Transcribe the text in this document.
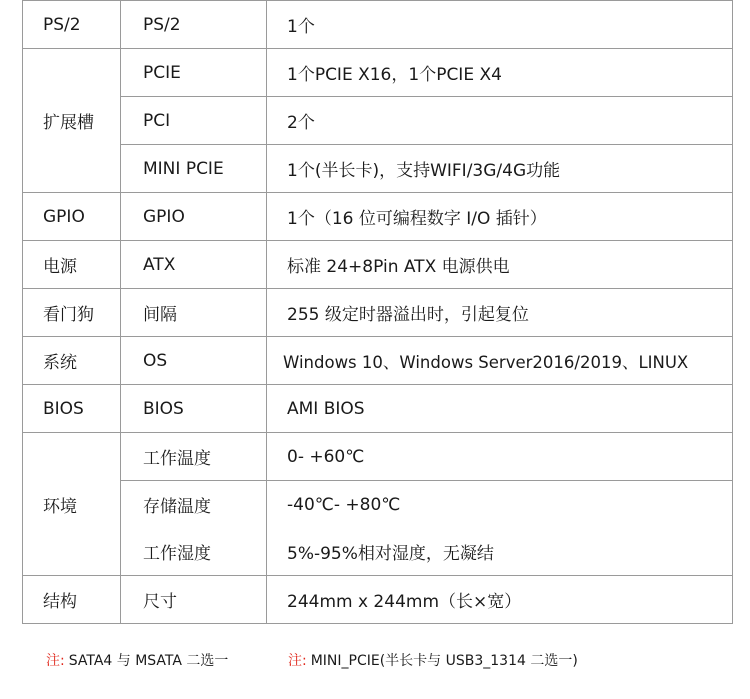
PS/2	PS/2	1个
扩展槽	PCIE	1个PCIE X16，1个PCIE X4
	PCI	2个
	MINI PCIE	1个(半长卡)，支持WIFI/3G/4G功能
GPIO	GPIO	1个（16 位可编程数字 I/O 插针）
电源	ATX	标准 24+8Pin ATX 电源供电
看门狗	间隔	255 级定时器溢出时，引起复位
系统	OS	Windows 10、Windows Server2016/2019、LINUX
BIOS	BIOS	AMI BIOS
环境	工作温度	0- +60℃
	存储温度	-40℃- +80℃
	工作湿度	5%-95%相对湿度，无凝结
结构	尺寸	244mm x 244mm（长×宽）
注: SATA4 与 MSATA 二选一	注: MINI_PCIE(半长卡与 USB3_1314 二选一)
